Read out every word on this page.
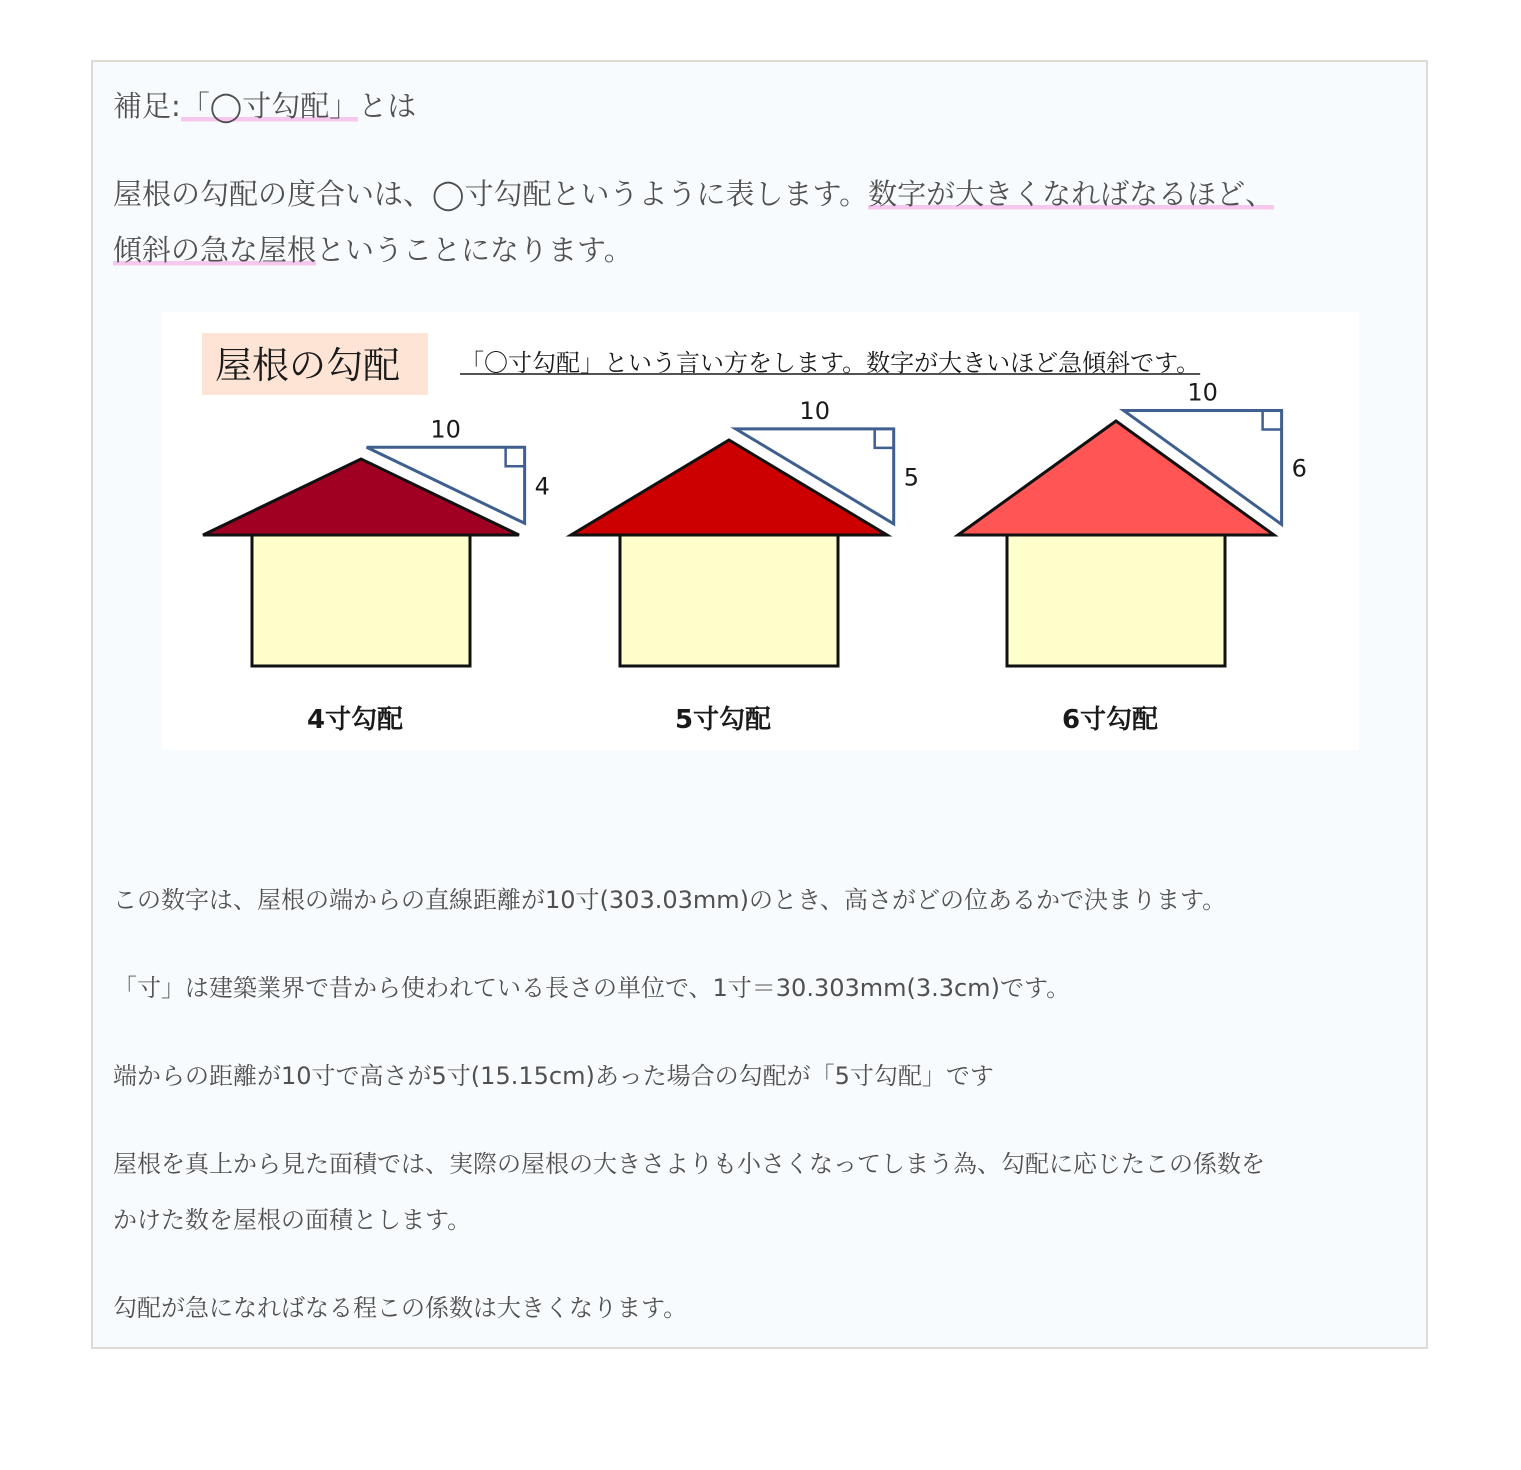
補足:「◯寸勾配」とは

屋根の勾配の度合いは、◯寸勾配というように表します。数字が大きくなればなるほど、

傾斜の急な屋根ということになります。

屋根の勾配	「〇寸勾配」という言い方をします。数字が大きいほど急傾斜です。
10
4
4寸勾配
10
5
5寸勾配
10
6
6寸勾配

この数字は、屋根の端からの直線距離が10寸(303.03mm)のとき、高さがどの位あるかで決まります。

「寸」は建築業界で昔から使われている長さの単位で、1寸＝30.303mm(3.3cm)です。

端からの距離が10寸で高さが5寸(15.15cm)あった場合の勾配が「5寸勾配」です

屋根を真上から見た面積では、実際の屋根の大きさよりも小さくなってしまう為、勾配に応じたこの係数を

かけた数を屋根の面積とします。

勾配が急になればなる程この係数は大きくなります。
